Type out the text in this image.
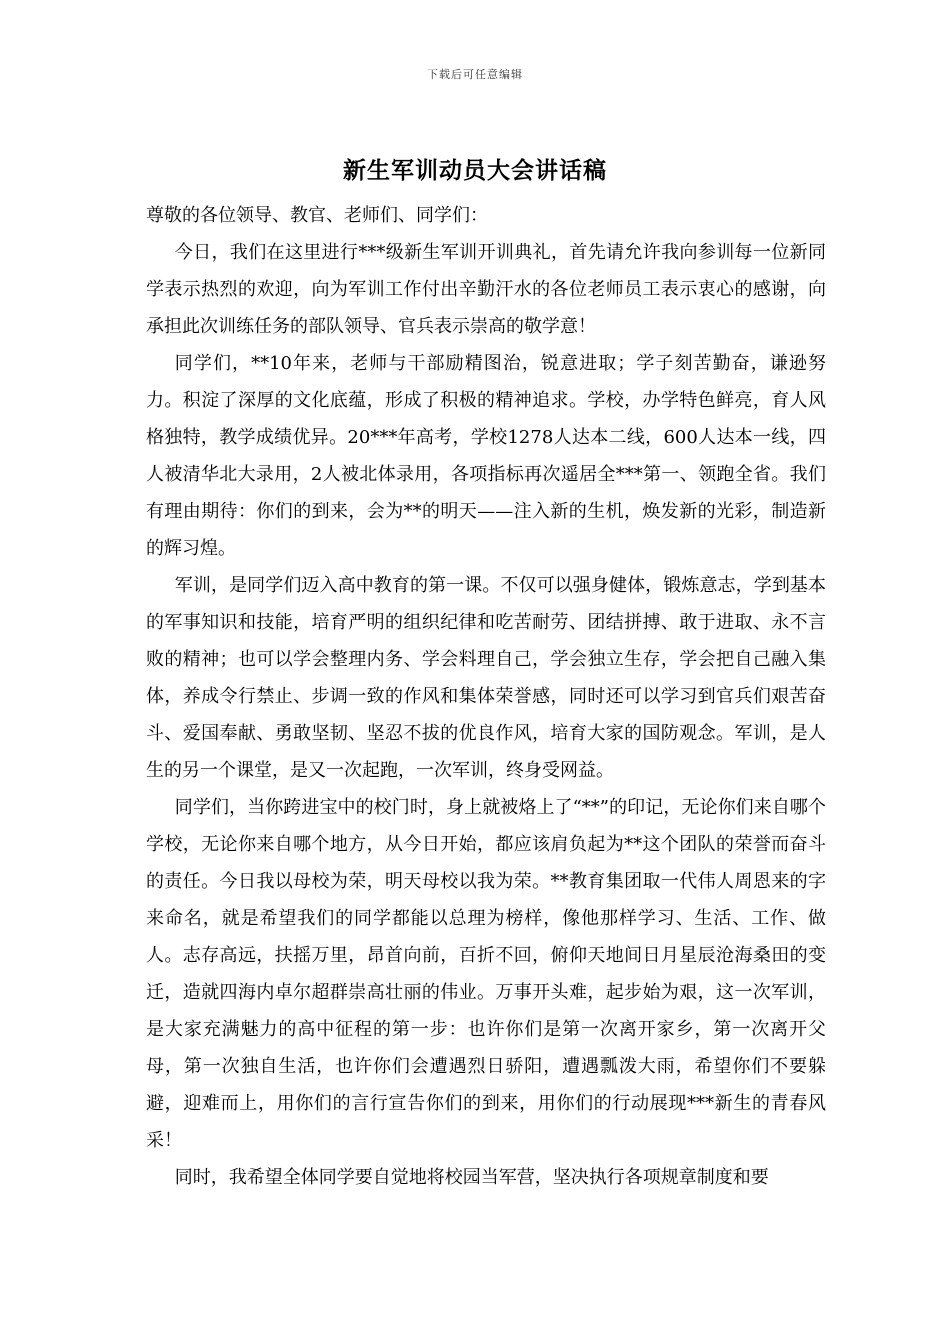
下载后可任意编辑
新生军训动员大会讲话稿

尊敬的各位领导、教官、老师们、同学们：

今日，我们在这里进行***级新生军训开训典礼，首先请允许我向参训每一位新同学表示热烈的欢迎，向为军训工作付出辛勤汗水的各位老师员工表示衷心的感谢，向承担此次训练任务的部队领导、官兵表示崇高的敬学意！

同学们，**10年来，老师与干部励精图治，锐意进取；学子刻苦勤奋，谦逊努力。积淀了深厚的文化底蕴，形成了积极的精神追求。学校，办学特色鲜亮，育人风格独特，教学成绩优异。20***年高考，学校1278人达本二线，600人达本一线，四人被清华北大录用，2人被北体录用，各项指标再次遥居全***第一、领跑全省。我们有理由期待：你们的到来，会为**的明天——注入新的生机，焕发新的光彩，制造新的辉习煌。

军训，是同学们迈入高中教育的第一课。不仅可以强身健体，锻炼意志，学到基本的军事知识和技能，培育严明的组织纪律和吃苦耐劳、团结拼搏、敢于进取、永不言败的精神；也可以学会整理内务、学会料理自己，学会独立生存，学会把自己融入集体，养成令行禁止、步调一致的作风和集体荣誉感，同时还可以学习到官兵们艰苦奋斗、爱国奉献、勇敢坚韧、坚忍不拔的优良作风，培育大家的国防观念。军训，是人生的另一个课堂，是又一次起跑，一次军训，终身受网益。

同学们，当你跨进宝中的校门时，身上就被烙上了“**”的印记，无论你们来自哪个学校，无论你来自哪个地方，从今日开始，都应该肩负起为**这个团队的荣誉而奋斗的责任。今日我以母校为荣，明天母校以我为荣。**教育集团取一代伟人周恩来的字来命名，就是希望我们的同学都能以总理为榜样，像他那样学习、生活、工作、做人。志存高远，扶摇万里，昂首向前，百折不回，俯仰天地间日月星辰沧海桑田的变迁，造就四海内卓尔超群崇高壮丽的伟业。万事开头难，起步始为艰，这一次军训，是大家充满魅力的高中征程的第一步：也许你们是第一次离开家乡，第一次离开父母，第一次独自生活，也许你们会遭遇烈日骄阳，遭遇瓢泼大雨，希望你们不要躲避，迎难而上，用你们的言行宣告你们的到来，用你们的行动展现***新生的青春风采！

同时，我希望全体同学要自觉地将校园当军营，坚决执行各项规章制度和要
